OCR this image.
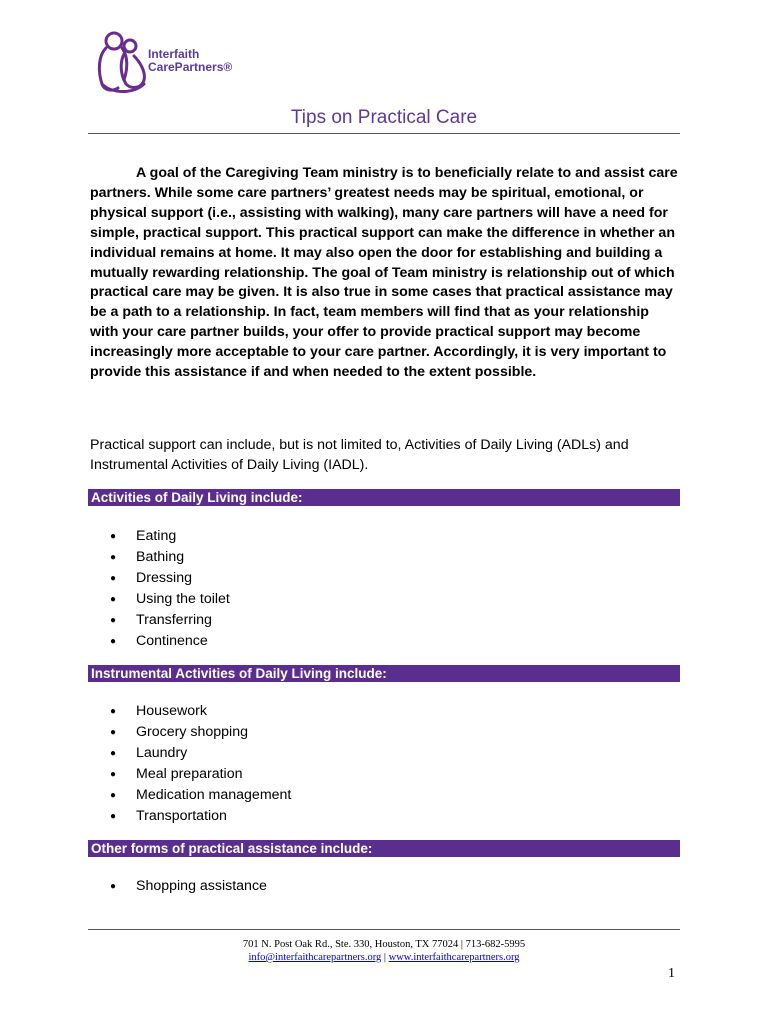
Interfaith
CarePartners®
Tips on Practical Care

A goal of the Caregiving Team ministry is to beneficially relate to and assist care partners. While some care partners’ greatest needs may be spiritual, emotional, or physical support (i.e., assisting with walking), many care partners will have a need for simple, practical support. This practical support can make the difference in whether an individual remains at home. It may also open the door for establishing and building a mutually rewarding relationship. The goal of Team ministry is relationship out of which practical care may be given. It is also true in some cases that practical assistance may be a path to a relationship. In fact, team members will find that as your relationship with your care partner builds, your offer to provide practical support may become increasingly more acceptable to your care partner. Accordingly, it is very important to provide this assistance if and when needed to the extent possible.

Practical support can include, but is not limited to, Activities of Daily Living (ADLs) and Instrumental Activities of Daily Living (IADL).

Activities of Daily Living include:
● Eating
● Bathing
● Dressing
● Using the toilet
● Transferring
● Continence
Instrumental Activities of Daily Living include:
● Housework
● Grocery shopping
● Laundry
● Meal preparation
● Medication management
● Transportation
Other forms of practical assistance include:
● Shopping assistance
701 N. Post Oak Rd., Ste. 330, Houston, TX 77024 | 713-682-5995
info@interfaithcarepartners.org | www.interfaithcarepartners.org
1
